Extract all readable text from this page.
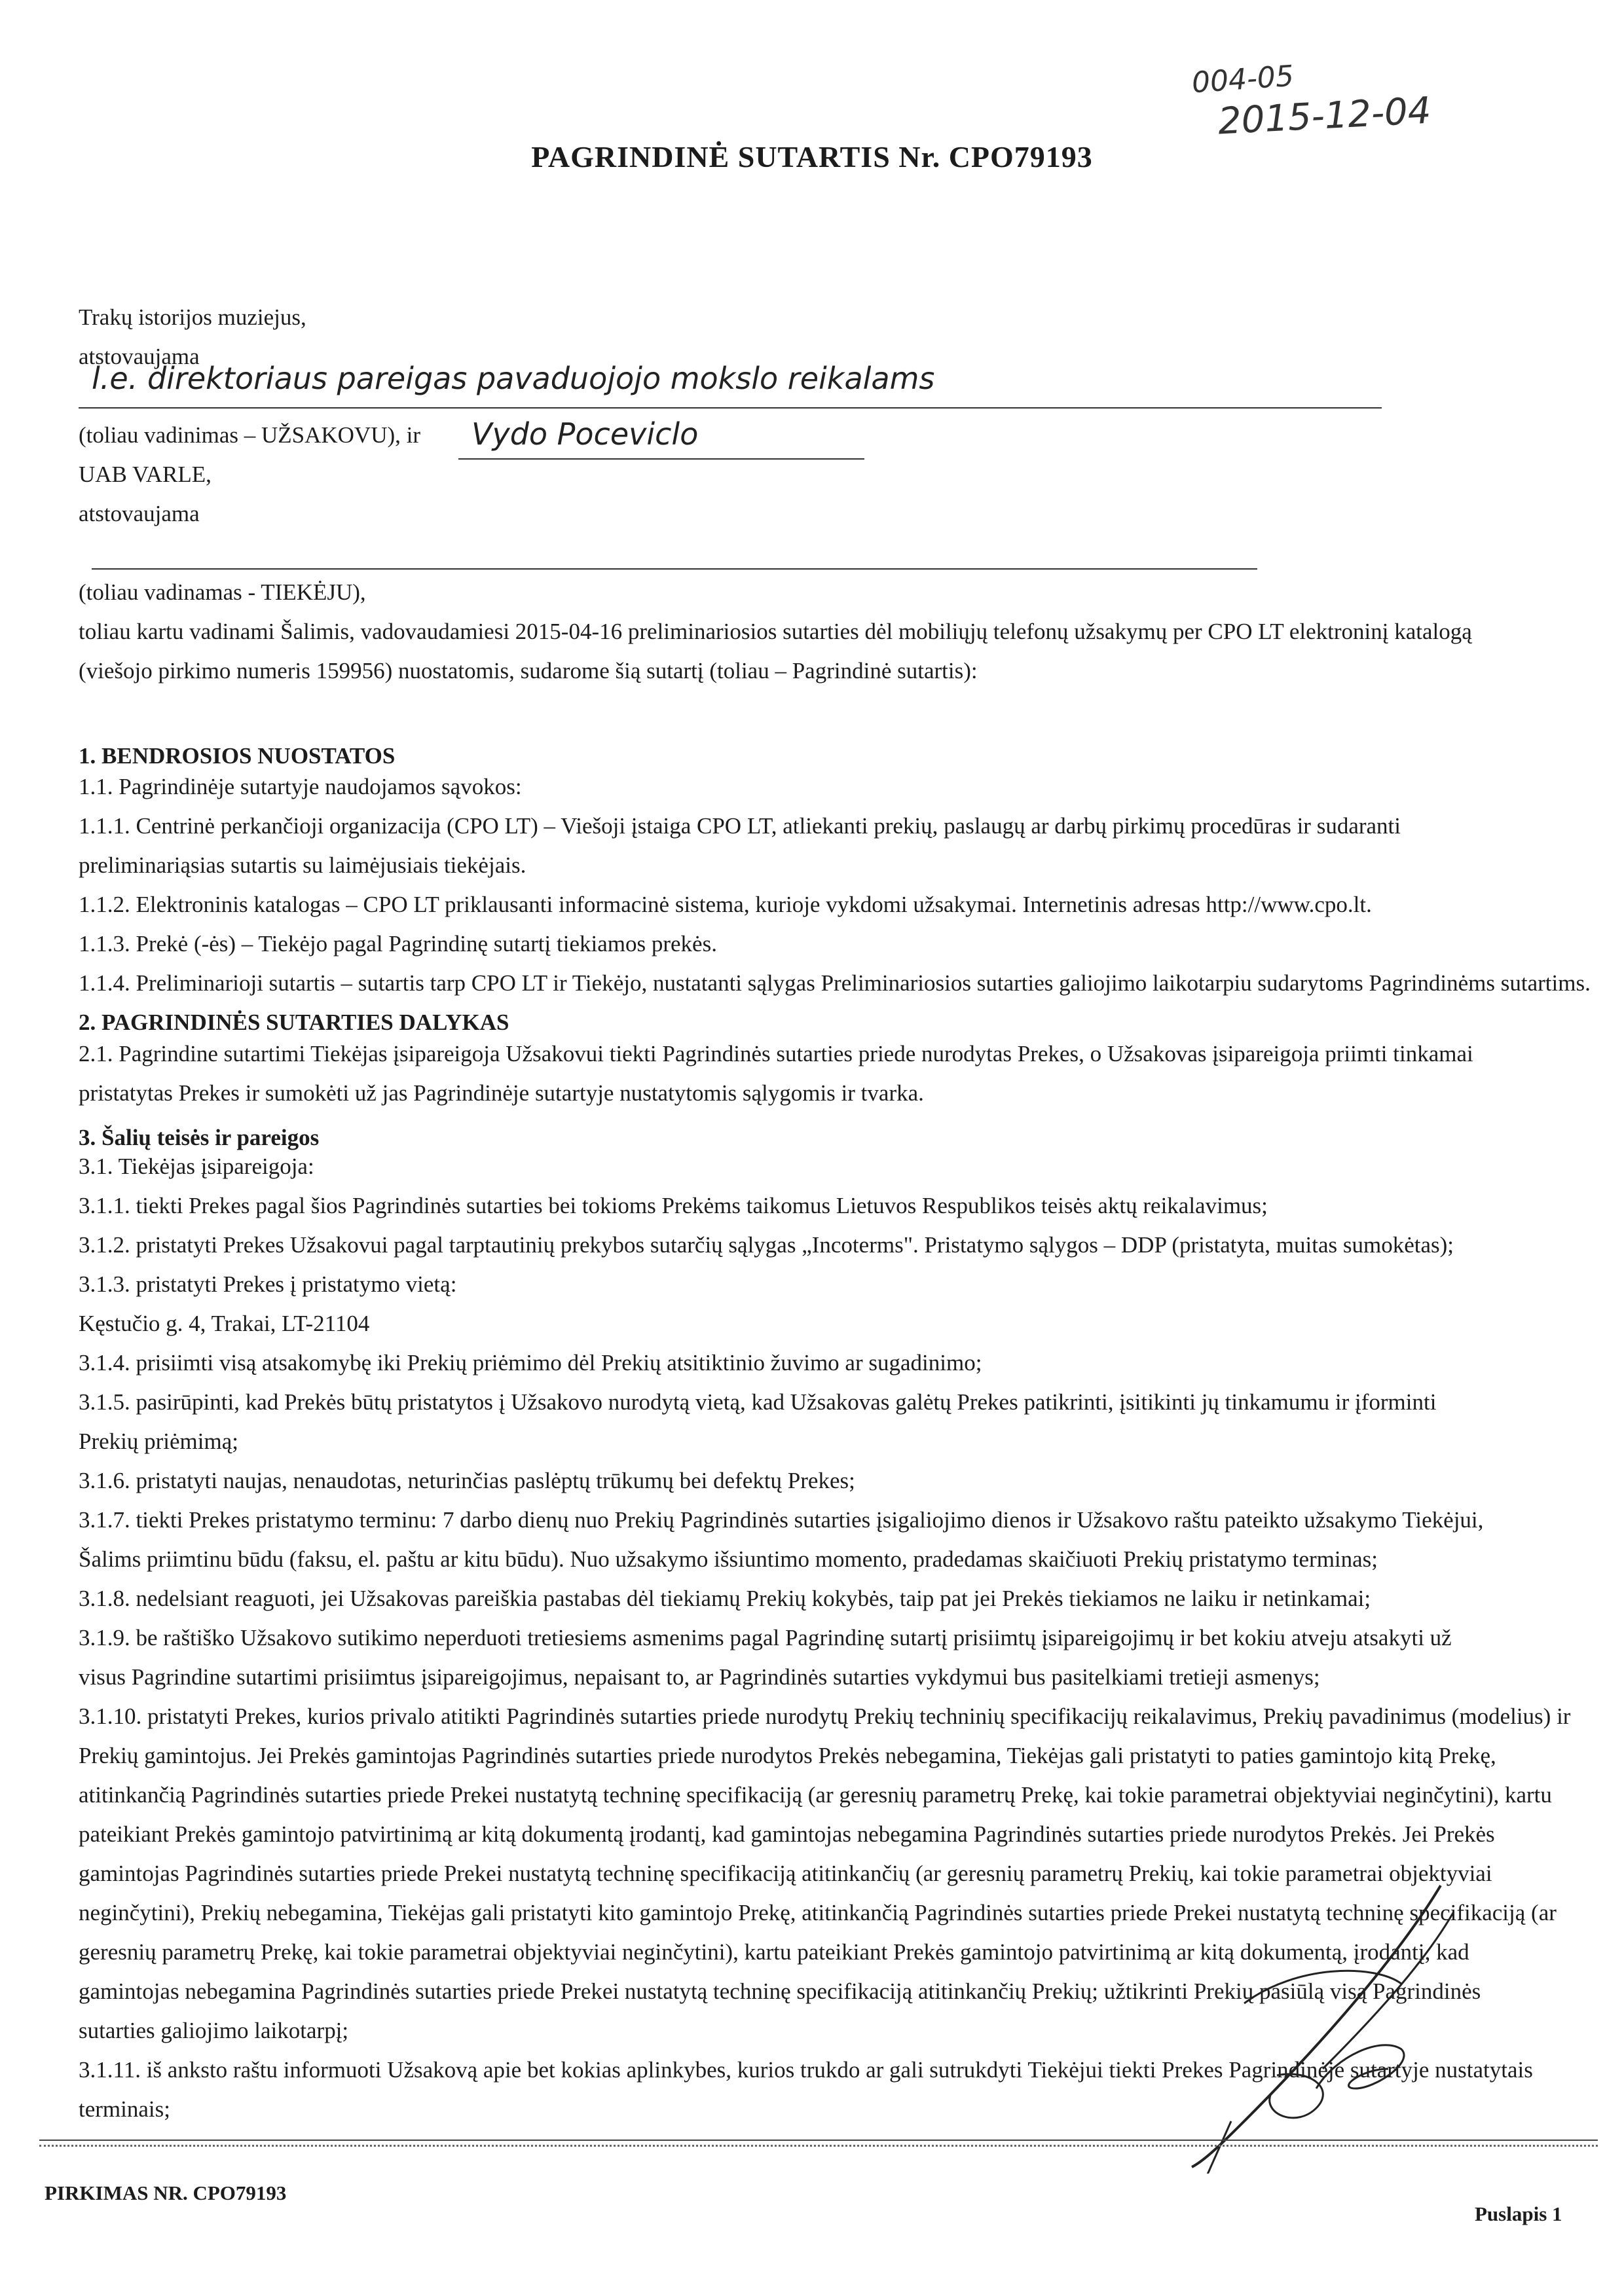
004-05
2015-12-04
PAGRINDINĖ SUTARTIS Nr. CPO79193
Trakų istorijos muziejus,
atstovaujama
l.e. direktoriaus pareigas pavaduojojo mokslo reikalams
(toliau vadinimas – UŽSAKOVU), ir Vydo Poceviclo
UAB VARLE,
atstovaujama
(toliau vadinamas - TIEKĖJU),
toliau kartu vadinami Šalimis, vadovaudamiesi 2015-04-16 preliminariosios sutarties dėl mobiliųjų telefonų užsakymų per CPO LT elektroninį katalogą
(viešojo pirkimo numeris 159956) nuostatomis, sudarome šią sutartį (toliau – Pagrindinė sutartis):
1. BENDROSIOS NUOSTATOS
1.1. Pagrindinėje sutartyje naudojamos sąvokos:
1.1.1. Centrinė perkančioji organizacija (CPO LT) – Viešoji įstaiga CPO LT, atliekanti prekių, paslaugų ar darbų pirkimų procedūras ir sudaranti
preliminariąsias sutartis su laimėjusiais tiekėjais.
1.1.2. Elektroninis katalogas – CPO LT priklausanti informacinė sistema, kurioje vykdomi užsakymai. Internetinis adresas http://www.cpo.lt.
1.1.3. Prekė (-ės) – Tiekėjo pagal Pagrindinę sutartį tiekiamos prekės.
1.1.4. Preliminarioji sutartis – sutartis tarp CPO LT ir Tiekėjo, nustatanti sąlygas Preliminariosios sutarties galiojimo laikotarpiu sudarytoms Pagrindinėms sutartims.
2. PAGRINDINĖS SUTARTIES DALYKAS
2.1. Pagrindine sutartimi Tiekėjas įsipareigoja Užsakovui tiekti Pagrindinės sutarties priede nurodytas Prekes, o Užsakovas įsipareigoja priimti tinkamai
pristatytas Prekes ir sumokėti už jas Pagrindinėje sutartyje nustatytomis sąlygomis ir tvarka.
3. Šalių teisės ir pareigos
3.1. Tiekėjas įsipareigoja:
3.1.1. tiekti Prekes pagal šios Pagrindinės sutarties bei tokioms Prekėms taikomus Lietuvos Respublikos teisės aktų reikalavimus;
3.1.2. pristatyti Prekes Užsakovui pagal tarptautinių prekybos sutarčių sąlygas „Incoterms". Pristatymo sąlygos – DDP (pristatyta, muitas sumokėtas);
3.1.3. pristatyti Prekes į pristatymo vietą:
Kęstučio g. 4, Trakai, LT-21104
3.1.4. prisiimti visą atsakomybę iki Prekių priėmimo dėl Prekių atsitiktinio žuvimo ar sugadinimo;
3.1.5. pasirūpinti, kad Prekės būtų pristatytos į Užsakovo nurodytą vietą, kad Užsakovas galėtų Prekes patikrinti, įsitikinti jų tinkamumu ir įforminti
Prekių priėmimą;
3.1.6. pristatyti naujas, nenaudotas, neturinčias paslėptų trūkumų bei defektų Prekes;
3.1.7. tiekti Prekes pristatymo terminu: 7 darbo dienų nuo Prekių Pagrindinės sutarties įsigaliojimo dienos ir Užsakovo raštu pateikto užsakymo Tiekėjui,
Šalims priimtinu būdu (faksu, el. paštu ar kitu būdu). Nuo užsakymo išsiuntimo momento, pradedamas skaičiuoti Prekių pristatymo terminas;
3.1.8. nedelsiant reaguoti, jei Užsakovas pareiškia pastabas dėl tiekiamų Prekių kokybės, taip pat jei Prekės tiekiamos ne laiku ir netinkamai;
3.1.9. be raštiško Užsakovo sutikimo neperduoti tretiesiems asmenims pagal Pagrindinę sutartį prisiimtų įsipareigojimų ir bet kokiu atveju atsakyti už
visus Pagrindine sutartimi prisiimtus įsipareigojimus, nepaisant to, ar Pagrindinės sutarties vykdymui bus pasitelkiami tretieji asmenys;
3.1.10. pristatyti Prekes, kurios privalo atitikti Pagrindinės sutarties priede nurodytų Prekių techninių specifikacijų reikalavimus, Prekių pavadinimus (modelius) ir
Prekių gamintojus. Jei Prekės gamintojas Pagrindinės sutarties priede nurodytos Prekės nebegamina, Tiekėjas gali pristatyti to paties gamintojo kitą Prekę,
atitinkančią Pagrindinės sutarties priede Prekei nustatytą techninę specifikaciją (ar geresnių parametrų Prekę, kai tokie parametrai objektyviai neginčytini), kartu
pateikiant Prekės gamintojo patvirtinimą ar kitą dokumentą įrodantį, kad gamintojas nebegamina Pagrindinės sutarties priede nurodytos Prekės. Jei Prekės
gamintojas Pagrindinės sutarties priede Prekei nustatytą techninę specifikaciją atitinkančių (ar geresnių parametrų Prekių, kai tokie parametrai objektyviai
neginčytini), Prekių nebegamina, Tiekėjas gali pristatyti kito gamintojo Prekę, atitinkančią Pagrindinės sutarties priede Prekei nustatytą techninę specifikaciją (ar
geresnių parametrų Prekę, kai tokie parametrai objektyviai neginčytini), kartu pateikiant Prekės gamintojo patvirtinimą ar kitą dokumentą, įrodantį, kad
gamintojas nebegamina Pagrindinės sutarties priede Prekei nustatytą techninę specifikaciją atitinkančių Prekių; užtikrinti Prekių pasiūlą visą Pagrindinės
sutarties galiojimo laikotarpį;
3.1.11. iš anksto raštu informuoti Užsakovą apie bet kokias aplinkybes, kurios trukdo ar gali sutrukdyti Tiekėjui tiekti Prekes Pagrindinėje sutartyje nustatytais
terminais;
PIRKIMAS NR. CPO79193
Puslapis 1
